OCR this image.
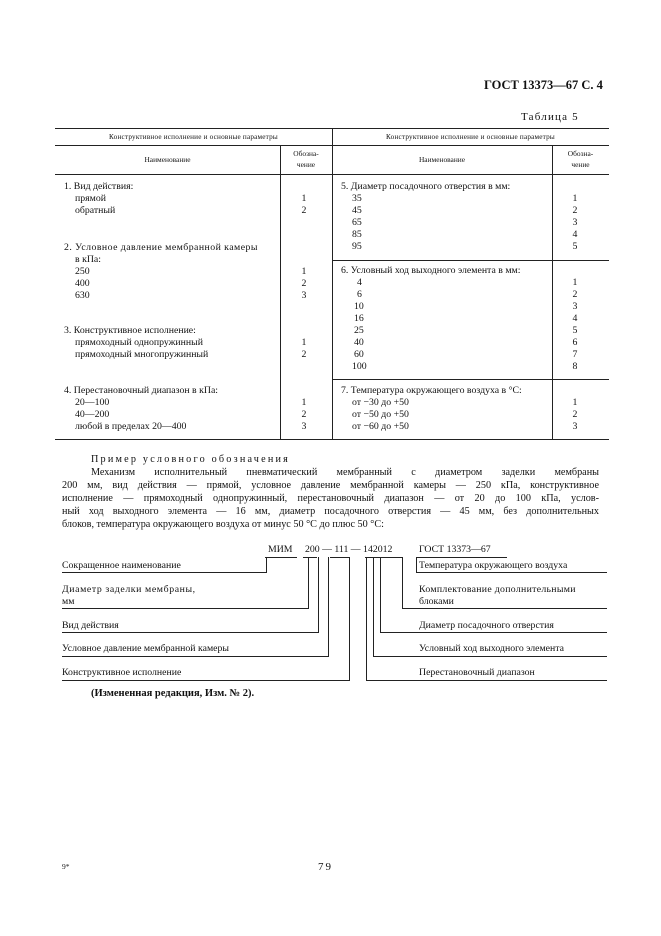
ГОСТ 13373—67 С. 4
Таблица 5
Конструктивное исполнение и основные параметры	Конструктивное исполнение и основные параметры
Наименование
Обозна-
чение
Наименование
Обозна-
чение
1. Вид действия:
прямой	1
обратный	2
2. Условное давление мембранной камеры
в кПа:
250	1
400	2
630	3
3. Конструктивное исполнение:
прямоходный однопружинный	1
прямоходный многопружинный	2
4. Перестановочный диапазон в кПа:
20—100	1
40—200	2
любой в пределах 20—400	3
5. Диаметр посадочного отверстия в мм:
35	1
45	2
65	3
85	4
95	5
6. Условный ход выходного элемента в мм:
4	1
6	2
10	3
16	4
25	5
40	6
60	7
100	8
7. Температура окружающего воздуха в °С:
от −30 до +50	1
от −50 до +50	2
от −60 до +50	3
Пример условного обозначения
Механизм исполнительный пневматический мембранный с диаметром заделки мембраны
200 мм, вид действия — прямой, условное давление мембранной камеры — 250 кПа, конструктивное
исполнение — прямоходный однопружинный, перестановочный диапазон — от 20 до 100 кПа, услов-
ный ход выходного элемента — 16 мм, диаметр посадочного отверстия — 45 мм, без дополнительных
блоков, температура окружающего воздуха от минус 50 °С до плюс 50 °С:
МИМ 200 — 111 — 142012	ГОСТ 13373—67
Сокращенное наименование
Диаметр заделки мембраны,
мм
Вид действия
Условное давление мембранной камеры
Конструктивное исполнение
Температура окружающего воздуха
Комплектование дополнительными
блоками
Диаметр посадочного отверстия
Условный ход выходного элемента
Перестановочный диапазон
(Измененная редакция, Изм. № 2).
9*	79
